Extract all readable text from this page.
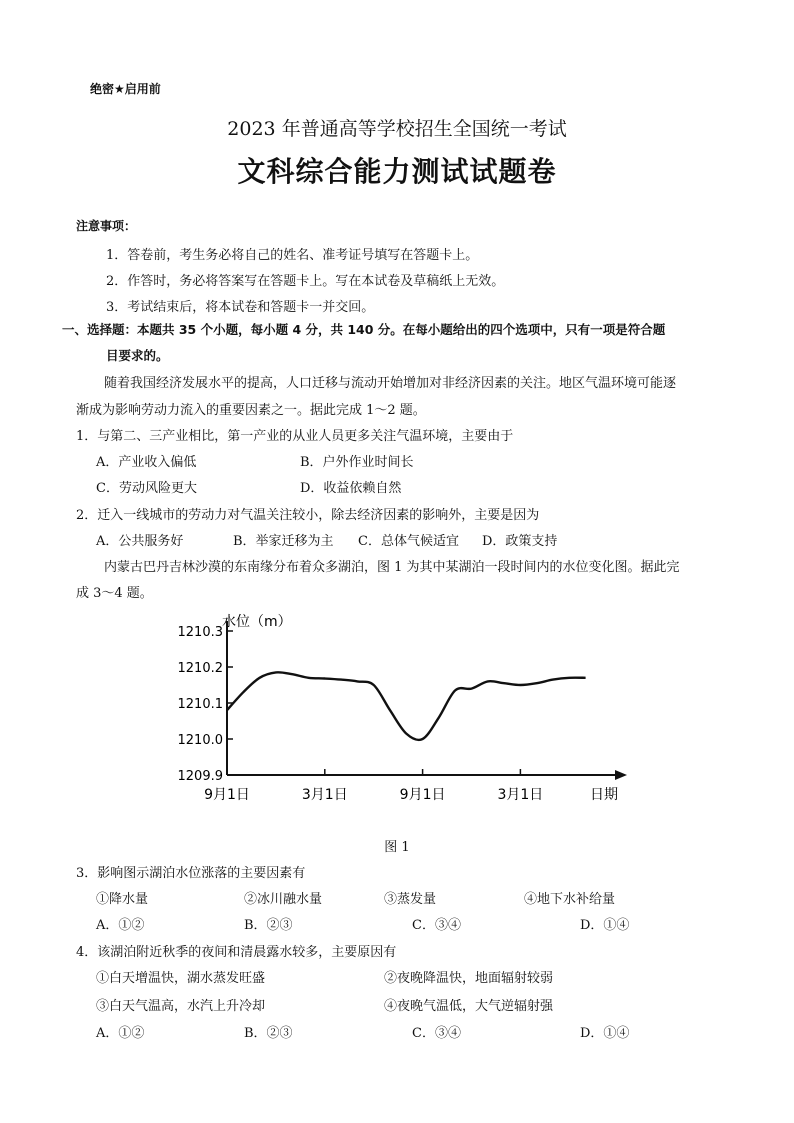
绝密★启用前
2023 年普通高等学校招生全国统一考试
文科综合能力测试试题卷
注意事项：
1．答卷前，考生务必将自己的姓名、准考证号填写在答题卡上。
2．作答时，务必将答案写在答题卡上。写在本试卷及草稿纸上无效。
3．考试结束后，将本试卷和答题卡一并交回。
一、选择题：本题共 35 个小题，每小题 4 分，共 140 分。在每小题给出的四个选项中，只有一项是符合题
目要求的。
随着我国经济发展水平的提高，人口迁移与流动开始增加对非经济因素的关注。地区气温环境可能逐
渐成为影响劳动力流入的重要因素之一。据此完成 1～2 题。
1．与第二、三产业相比，第一产业的从业人员更多关注气温环境，主要由于
A．产业收入偏低	B．户外作业时间长
C．劳动风险更大	D．收益依赖自然
2．迁入一线城市的劳动力对气温关注较小，除去经济因素的影响外，主要是因为
A．公共服务好	B．举家迁移为主 C．总体气候适宜 D．政策支持
内蒙古巴丹吉林沙漠的东南缘分布着众多湖泊，图 1 为其中某湖泊一段时间内的水位变化图。据此完
成 3～4 题。
水位（m）
1210.3
1210.2
1210.1
1210.0
1209.9
9月1日	3月1日	9月1日	3月1日	日期
图 1
3．影响图示湖泊水位涨落的主要因素有
①降水量	②冰川融水量	③蒸发量	④地下水补给量
A．①②	B．②③	C．③④	D．①④
4．该湖泊附近秋季的夜间和清晨露水较多，主要原因有
①白天增温快，湖水蒸发旺盛	②夜晚降温快，地面辐射较弱
③白天气温高，水汽上升冷却	④夜晚气温低，大气逆辐射强
A．①②	B．②③	C．③④	D．①④
